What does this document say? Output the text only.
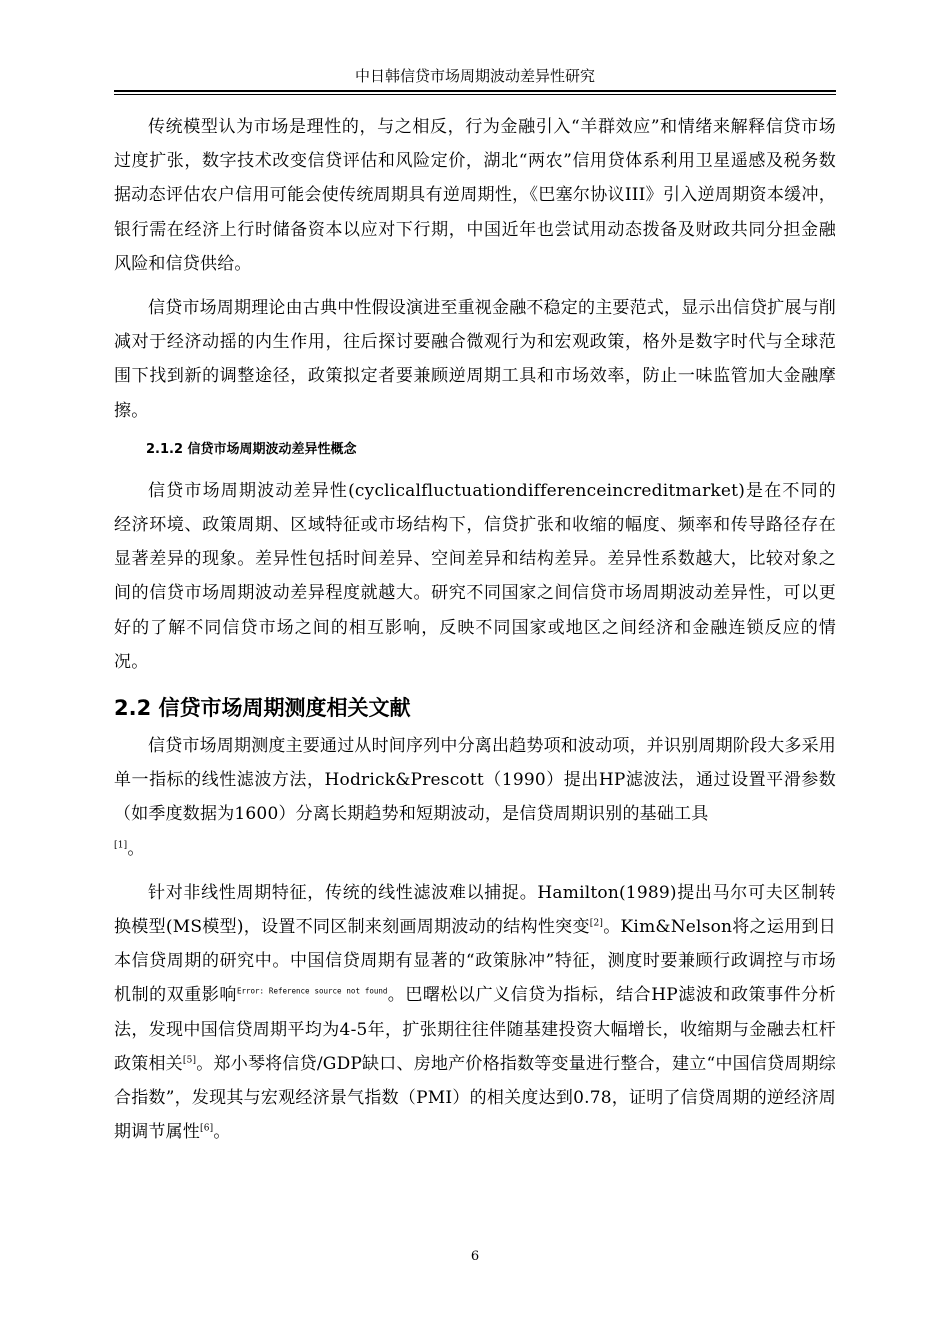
中日韩信贷市场周期波动差异性研究

传统模型认为市场是理性的，与之相反，行为金融引入“羊群效应”和情绪来解释信贷市场过度扩张，数字技术改变信贷评估和风险定价，湖北“两农”信用贷体系利用卫星遥感及税务数据动态评估农户信用可能会使传统周期具有逆周期性，《巴塞尔协议III》引入逆周期资本缓冲，银行需在经济上行时储备资本以应对下行期，中国近年也尝试用动态拨备及财政共同分担金融风险和信贷供给。

信贷市场周期理论由古典中性假设演进至重视金融不稳定的主要范式，显示出信贷扩展与削减对于经济动摇的内生作用，往后探讨要融合微观行为和宏观政策，格外是数字时代与全球范围下找到新的调整途径，政策拟定者要兼顾逆周期工具和市场效率，防止一味监管加大金融摩擦。

2.1.2 信贷市场周期波动差异性概念

信贷市场周期波动差异性(cyclicalfluctuationdifferenceincreditmarket)是在不同的经济环境、政策周期、区域特征或市场结构下，信贷扩张和收缩的幅度、频率和传导路径存在显著差异的现象。差异性包括时间差异、空间差异和结构差异。差异性系数越大，比较对象之间的信贷市场周期波动差异程度就越大。研究不同国家之间信贷市场周期波动差异性，可以更好的了解不同信贷市场之间的相互影响，反映不同国家或地区之间经济和金融连锁反应的情况。

2.2 信贷市场周期测度相关文献

信贷市场周期测度主要通过从时间序列中分离出趋势项和波动项，并识别周期阶段大多采用单一指标的线性滤波方法，Hodrick&Prescott（1990）提出HP滤波法，通过设置平滑参数（如季度数据为1600）分离长期趋势和短期波动，是信贷周期识别的基础工具
[1]。

针对非线性周期特征，传统的线性滤波难以捕捉。Hamilton(1989)提出马尔可夫区制转换模型(MS模型)，设置不同区制来刻画周期波动的结构性突变[2]。Kim&Nelson将之运用到日本信贷周期的研究中。中国信贷周期有显著的“政策脉冲”特征，测度时要兼顾行政调控与市场机制的双重影响$^{Error: Reference source not found}$。巴曙松以广义信贷为指标，结合HP滤波和政策事件分析法，发现中国信贷周期平均为4-5年，扩张期往往伴随基建投资大幅增长，收缩期与金融去杠杆政策相关[5]。郑小琴将信贷/GDP缺口、房地产价格指数等变量进行整合，建立“中国信贷周期综合指数”，发现其与宏观经济景气指数（PMI）的相关度达到0.78，证明了信贷周期的逆经济周期调节属性[6]。

6
